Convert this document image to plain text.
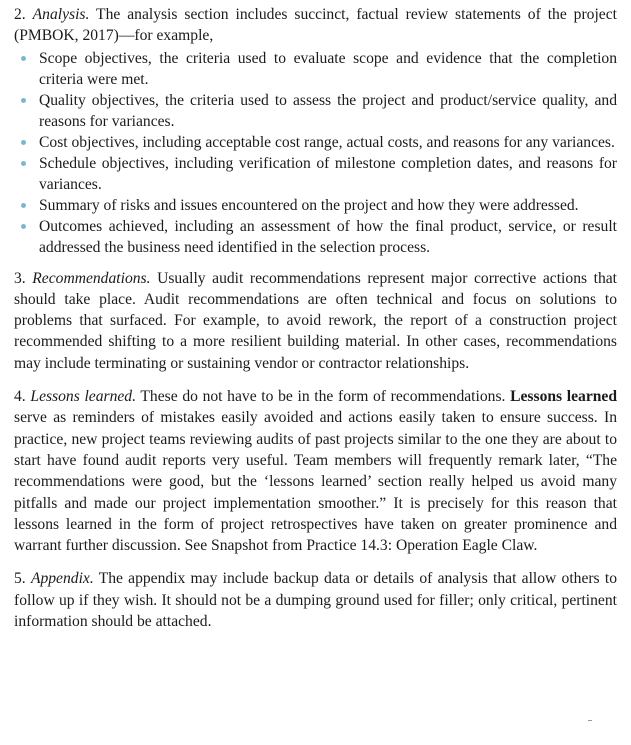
2. Analysis. The analysis section includes succinct, factual review statements of the project (PMBOK, 2017)—for example,

Scope objectives, the criteria used to evaluate scope and evidence that the completion criteria were met.
Quality objectives, the criteria used to assess the project and product/service quality, and reasons for variances.
Cost objectives, including acceptable cost range, actual costs, and reasons for any variances.
Schedule objectives, including verification of milestone completion dates, and reasons for variances.
Summary of risks and issues encountered on the project and how they were addressed.
Outcomes achieved, including an assessment of how the final product, service, or result addressed the business need identified in the selection process.

3. Recommendations. Usually audit recommendations represent major corrective actions that should take place. Audit recommendations are often technical and focus on solutions to problems that surfaced. For example, to avoid rework, the report of a construction project recommended shifting to a more resilient building material. In other cases, recommendations may include terminating or sustaining vendor or contractor relationships.

4. Lessons learned. These do not have to be in the form of recommendations. Lessons learned serve as reminders of mistakes easily avoided and actions easily taken to ensure success. In practice, new project teams reviewing audits of past projects similar to the one they are about to start have found audit reports very useful. Team members will frequently remark later, “The recommendations were good, but the ‘lessons learned’ section really helped us avoid many pitfalls and made our project implementation smoother.” It is precisely for this reason that lessons learned in the form of project retrospectives have taken on greater prominence and warrant further discussion. See Snapshot from Practice 14.3: Operation Eagle Claw.

5. Appendix. The appendix may include backup data or details of analysis that allow others to follow up if they wish. It should not be a dumping ground used for filler; only critical, pertinent information should be attached.
